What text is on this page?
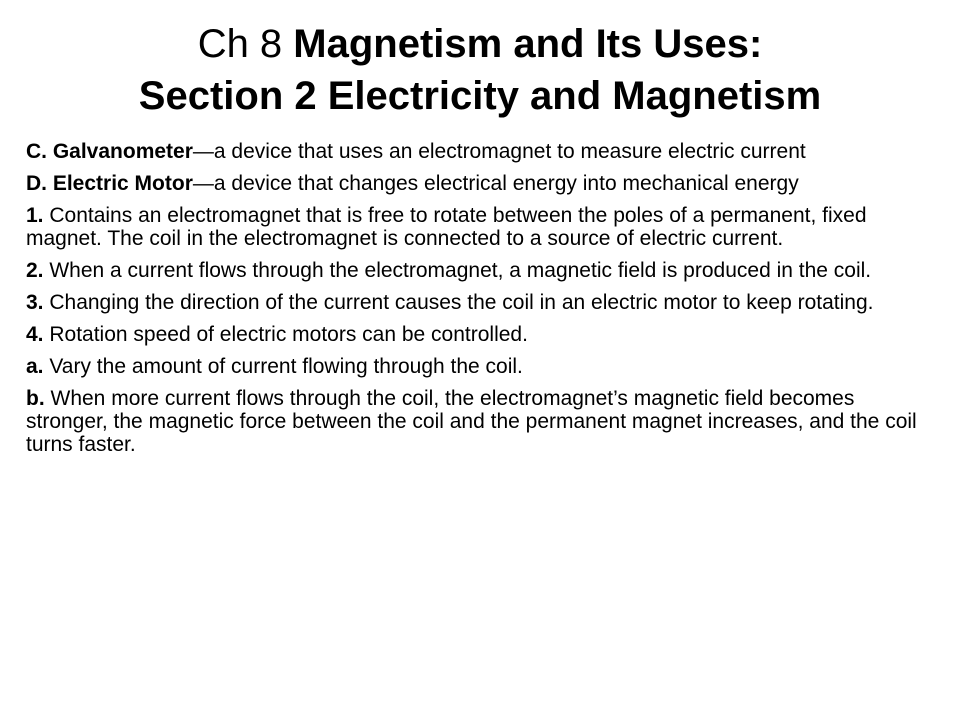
Ch 8 Magnetism and Its Uses:
Section 2 Electricity and Magnetism

C. Galvanometer—a device that uses an electromagnet to measure electric current

D. Electric Motor—a device that changes electrical energy into mechanical energy

1. Contains an electromagnet that is free to rotate between the poles of a permanent, fixed magnet. The coil in the electromagnet is connected to a source of electric current.

2. When a current flows through the electromagnet, a magnetic field is produced in the coil.

3. Changing the direction of the current causes the coil in an electric motor to keep rotating.

4. Rotation speed of electric motors can be controlled.

a. Vary the amount of current flowing through the coil.

b. When more current flows through the coil, the electromagnet’s magnetic field becomes stronger, the magnetic force between the coil and the permanent magnet increases, and the coil turns faster.
